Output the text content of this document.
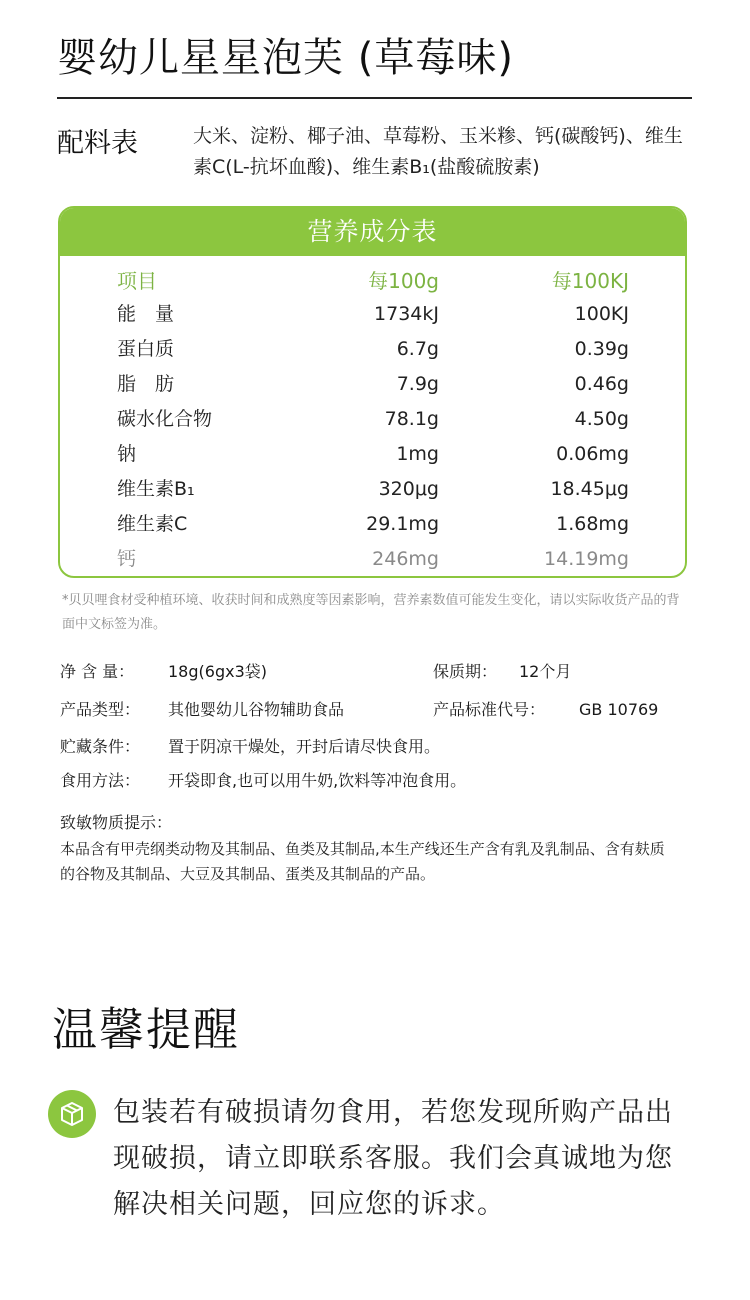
婴幼儿星星泡芙 (草莓味)
配料表	大米、淀粉、椰子油、草莓粉、玉米糁、钙(碳酸钙)、维生素C(L-抗坏血酸)、维生素B₁(盐酸硫胺素)
营养成分表
项目	每100g	每100KJ
能　量	1734kJ	100KJ
蛋白质	6.7g	0.39g
脂　肪	7.9g	0.46g
碳水化合物	78.1g	4.50g
钠	1mg	0.06mg
维生素B₁	320μg	18.45μg
维生素C	29.1mg	1.68mg
钙	246mg	14.19mg
*贝贝哩食材受种植环境、收获时间和成熟度等因素影响，营养素数值可能发生变化，请以实际收货产品的背面中文标签为准。
净 含 量： 18g(6gx3袋)	保质期： 12个月
产品类型： 其他婴幼儿谷物辅助食品	产品标准代号： GB 10769
贮藏条件： 置于阴凉干燥处，开封后请尽快食用。
食用方法： 开袋即食,也可以用牛奶,饮料等冲泡食用。
致敏物质提示：
本品含有甲壳纲类动物及其制品、鱼类及其制品,本生产线还生产含有乳及乳制品、含有麸质的谷物及其制品、大豆及其制品、蛋类及其制品的产品。
温馨提醒
包装若有破损请勿食用，若您发现所购产品出现破损，请立即联系客服。我们会真诚地为您解决相关问题，回应您的诉求。
